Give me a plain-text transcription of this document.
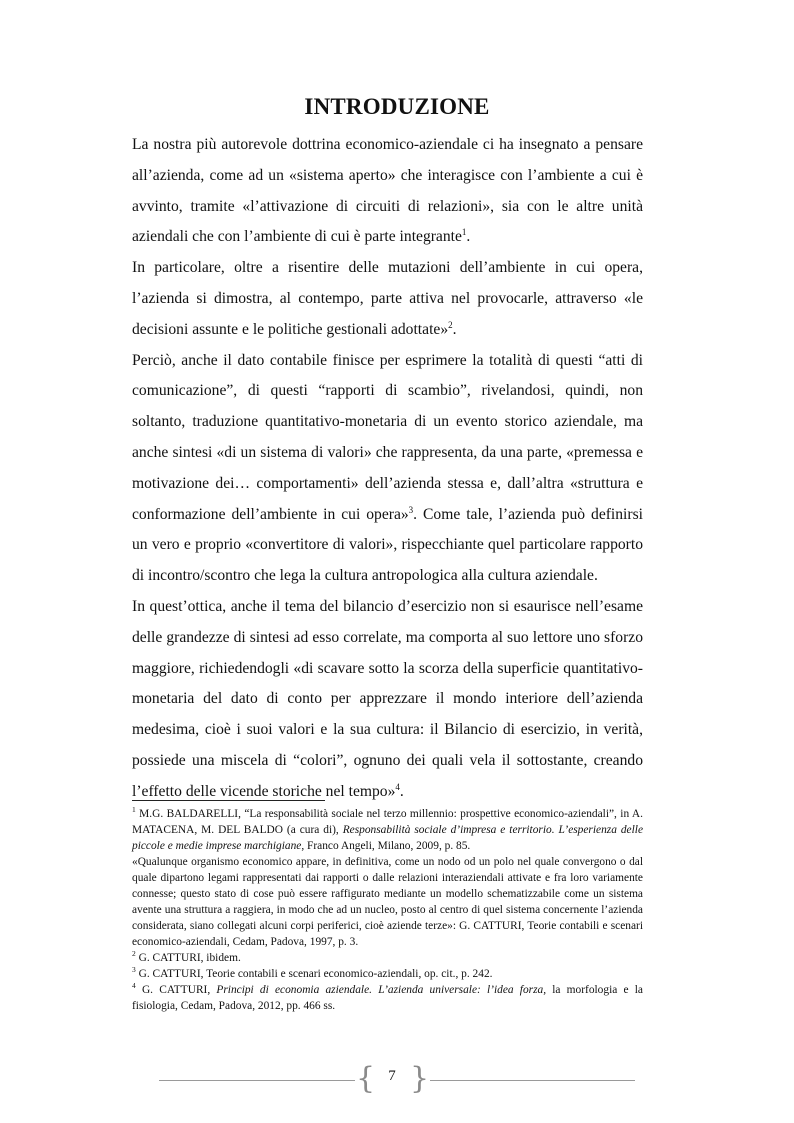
INTRODUZIONE

La nostra più autorevole dottrina economico-aziendale ci ha insegnato a pensare all’azienda, come ad un «sistema aperto» che interagisce con l’ambiente a cui è avvinto, tramite «l’attivazione di circuiti di relazioni», sia con le altre unità aziendali che con l’ambiente di cui è parte integrante$^1$.

In particolare, oltre a risentire delle mutazioni dell’ambiente in cui opera, l’azienda si dimostra, al contempo, parte attiva nel provocarle, attraverso «le decisioni assunte e le politiche gestionali adottate»$^2$.

Perciò, anche il dato contabile finisce per esprimere la totalità di questi “atti di comunicazione”, di questi “rapporti di scambio”, rivelandosi, quindi, non soltanto, traduzione quantitativo-monetaria di un evento storico aziendale, ma anche sintesi «di un sistema di valori» che rappresenta, da una parte, «premessa e motivazione dei… comportamenti» dell’azienda stessa e, dall’altra «struttura e conformazione dell’ambiente in cui opera»$^3$. Come tale, l’azienda può definirsi un vero e proprio «convertitore di valori», rispecchiante quel particolare rapporto di incontro/scontro che lega la cultura antropologica alla cultura aziendale.

In quest’ottica, anche il tema del bilancio d’esercizio non si esaurisce nell’esame delle grandezze di sintesi ad esso correlate, ma comporta al suo lettore uno sforzo maggiore, richiedendogli «di scavare sotto la scorza della superficie quantitativo-monetaria del dato di conto per apprezzare il mondo interiore dell’azienda medesima, cioè i suoi valori e la sua cultura: il Bilancio di esercizio, in verità, possiede una miscela di “colori”, ognuno dei quali vela il sottostante, creando l’effetto delle vicende storiche nel tempo»$^4$.

$^1$ M.G. BALDARELLI, “La responsabilità sociale nel terzo millennio: prospettive economico-aziendali”, in A. MATACENA, M. DEL BALDO (a cura di), Responsabilità sociale d’impresa e territorio. L’esperienza delle piccole e medie imprese marchigiane, Franco Angeli, Milano, 2009, p. 85.

«Qualunque organismo economico appare, in definitiva, come un nodo od un polo nel quale convergono o dal quale dipartono legami rappresentati dai rapporti o dalle relazioni interaziendali attivate e fra loro variamente connesse; questo stato di cose può essere raffigurato mediante un modello schematizzabile come un sistema avente una struttura a raggiera, in modo che ad un nucleo, posto al centro di quel sistema concernente l’azienda considerata, siano collegati alcuni corpi periferici, cioè aziende terze»: G. CATTURI, Teorie contabili e scenari economico-aziendali, Cedam, Padova, 1997, p. 3.

$^2$ G. CATTURI, ibidem.

$^3$ G. CATTURI, Teorie contabili e scenari economico-aziendali, op. cit., p. 242.

$^4$ G. CATTURI, Principi di economia aziendale. L’azienda universale: l’idea forza, la morfologia e la fisiologia, Cedam, Padova, 2012, pp. 466 ss.

{ 7 }
